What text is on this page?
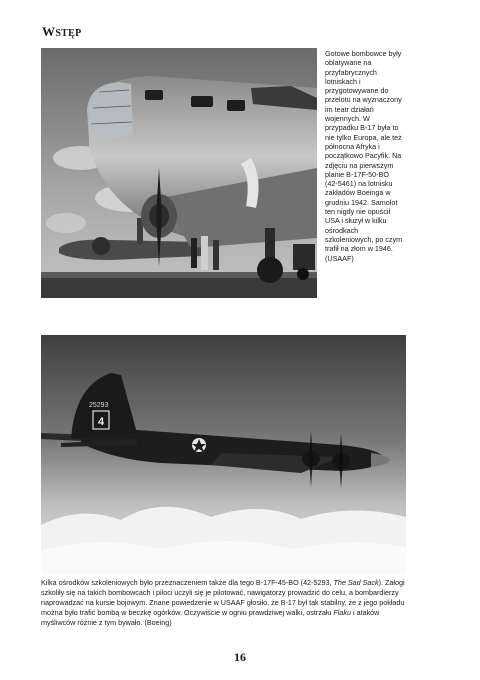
WSTĘP
Gotowe bombowce były oblatywane na przyfabrycznych lotniskach i przygotowywane do przelotu na wyznaczony im teatr działań wojennych. W przypadku B-17 była to nie tylko Europa, ale też północna Afryka i początkowo Pacyfik. Na zdjęciu na pierwszym planie B-17F-50-BO (42-5461) na lotnisku zakładów Boeinga w grudniu 1942. Samolot ten nigdy nie opuścił USA i służył w kilku ośrodkach szkoleniowych, po czym trafił na złom w 1946. (USAAF)
25293
4
Kilka ośrodków szkoleniowych było przeznaczeniem także dla tego B-17F-45-BO (42-5293, The Sad Sack). Załogi szkoliły się na takich bombowcach i piloci uczyli się je pilotować, nawigatorzy prowadzić do celu, a bombardierzy naprowadzać na kursie bojowym. Znane powiedzenie w USAAF głosiło, że B-17 był tak stabilny, że z jego pokładu można było trafić bombą w beczkę ogórków. Oczywiście w ogniu prawdziwej walki, ostrzału Flaku i ataków myśliwców różnie z tym bywało. (Boeing)
16
